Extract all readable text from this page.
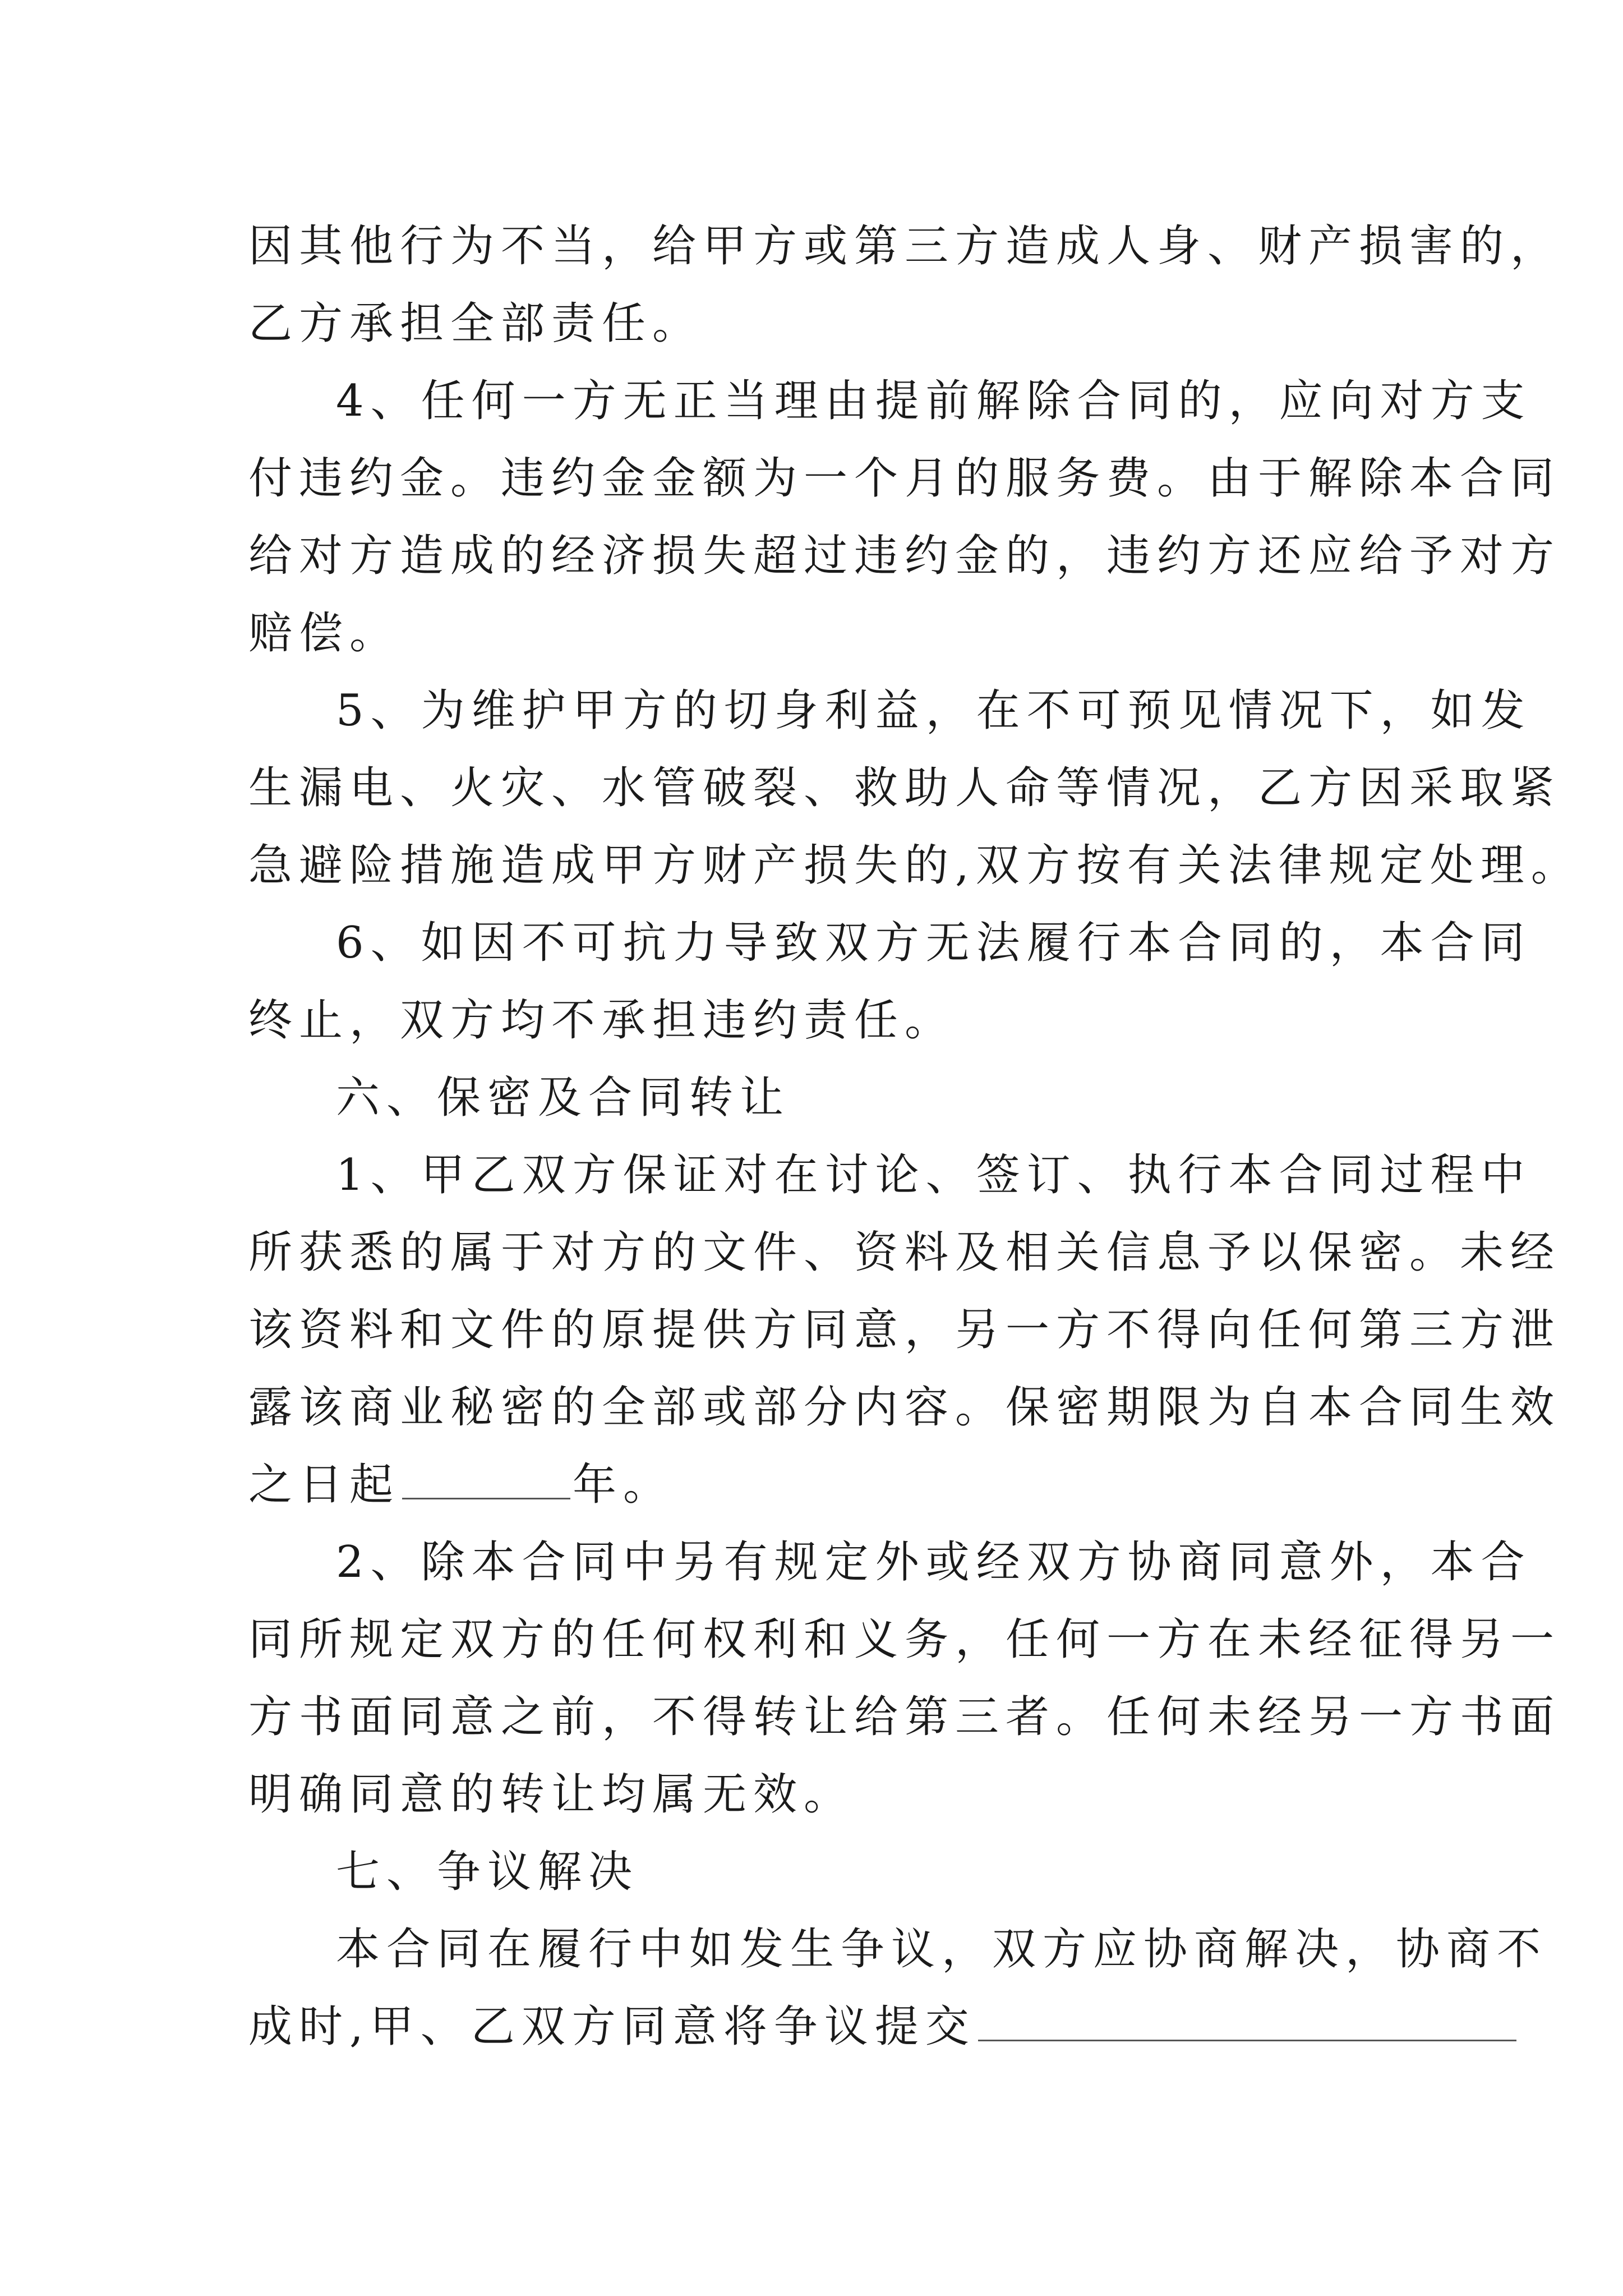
因其他行为不当，给甲方或第三方造成人身、财产损害的，
乙方承担全部责任。
4、任何一方无正当理由提前解除合同的，应向对方支
付违约金。违约金金额为一个月的服务费。由于解除本合同
给对方造成的经济损失超过违约金的，违约方还应给予对方
赔偿。
5、为维护甲方的切身利益，在不可预见情况下，如发
生漏电、火灾、水管破裂、救助人命等情况，乙方因采取紧
急避险措施造成甲方财产损失的,双方按有关法律规定处理。
6、如因不可抗力导致双方无法履行本合同的，本合同
终止，双方均不承担违约责任。
六、保密及合同转让
1、甲乙双方保证对在讨论、签订、执行本合同过程中
所获悉的属于对方的文件、资料及相关信息予以保密。未经
该资料和文件的原提供方同意，另一方不得向任何第三方泄
露该商业秘密的全部或部分内容。保密期限为自本合同生效
之日起	年。
2、除本合同中另有规定外或经双方协商同意外，本合
同所规定双方的任何权利和义务，任何一方在未经征得另一
方书面同意之前，不得转让给第三者。任何未经另一方书面
明确同意的转让均属无效。
七、争议解决
本合同在履行中如发生争议，双方应协商解决，协商不
成时,甲、乙双方同意将争议提交
